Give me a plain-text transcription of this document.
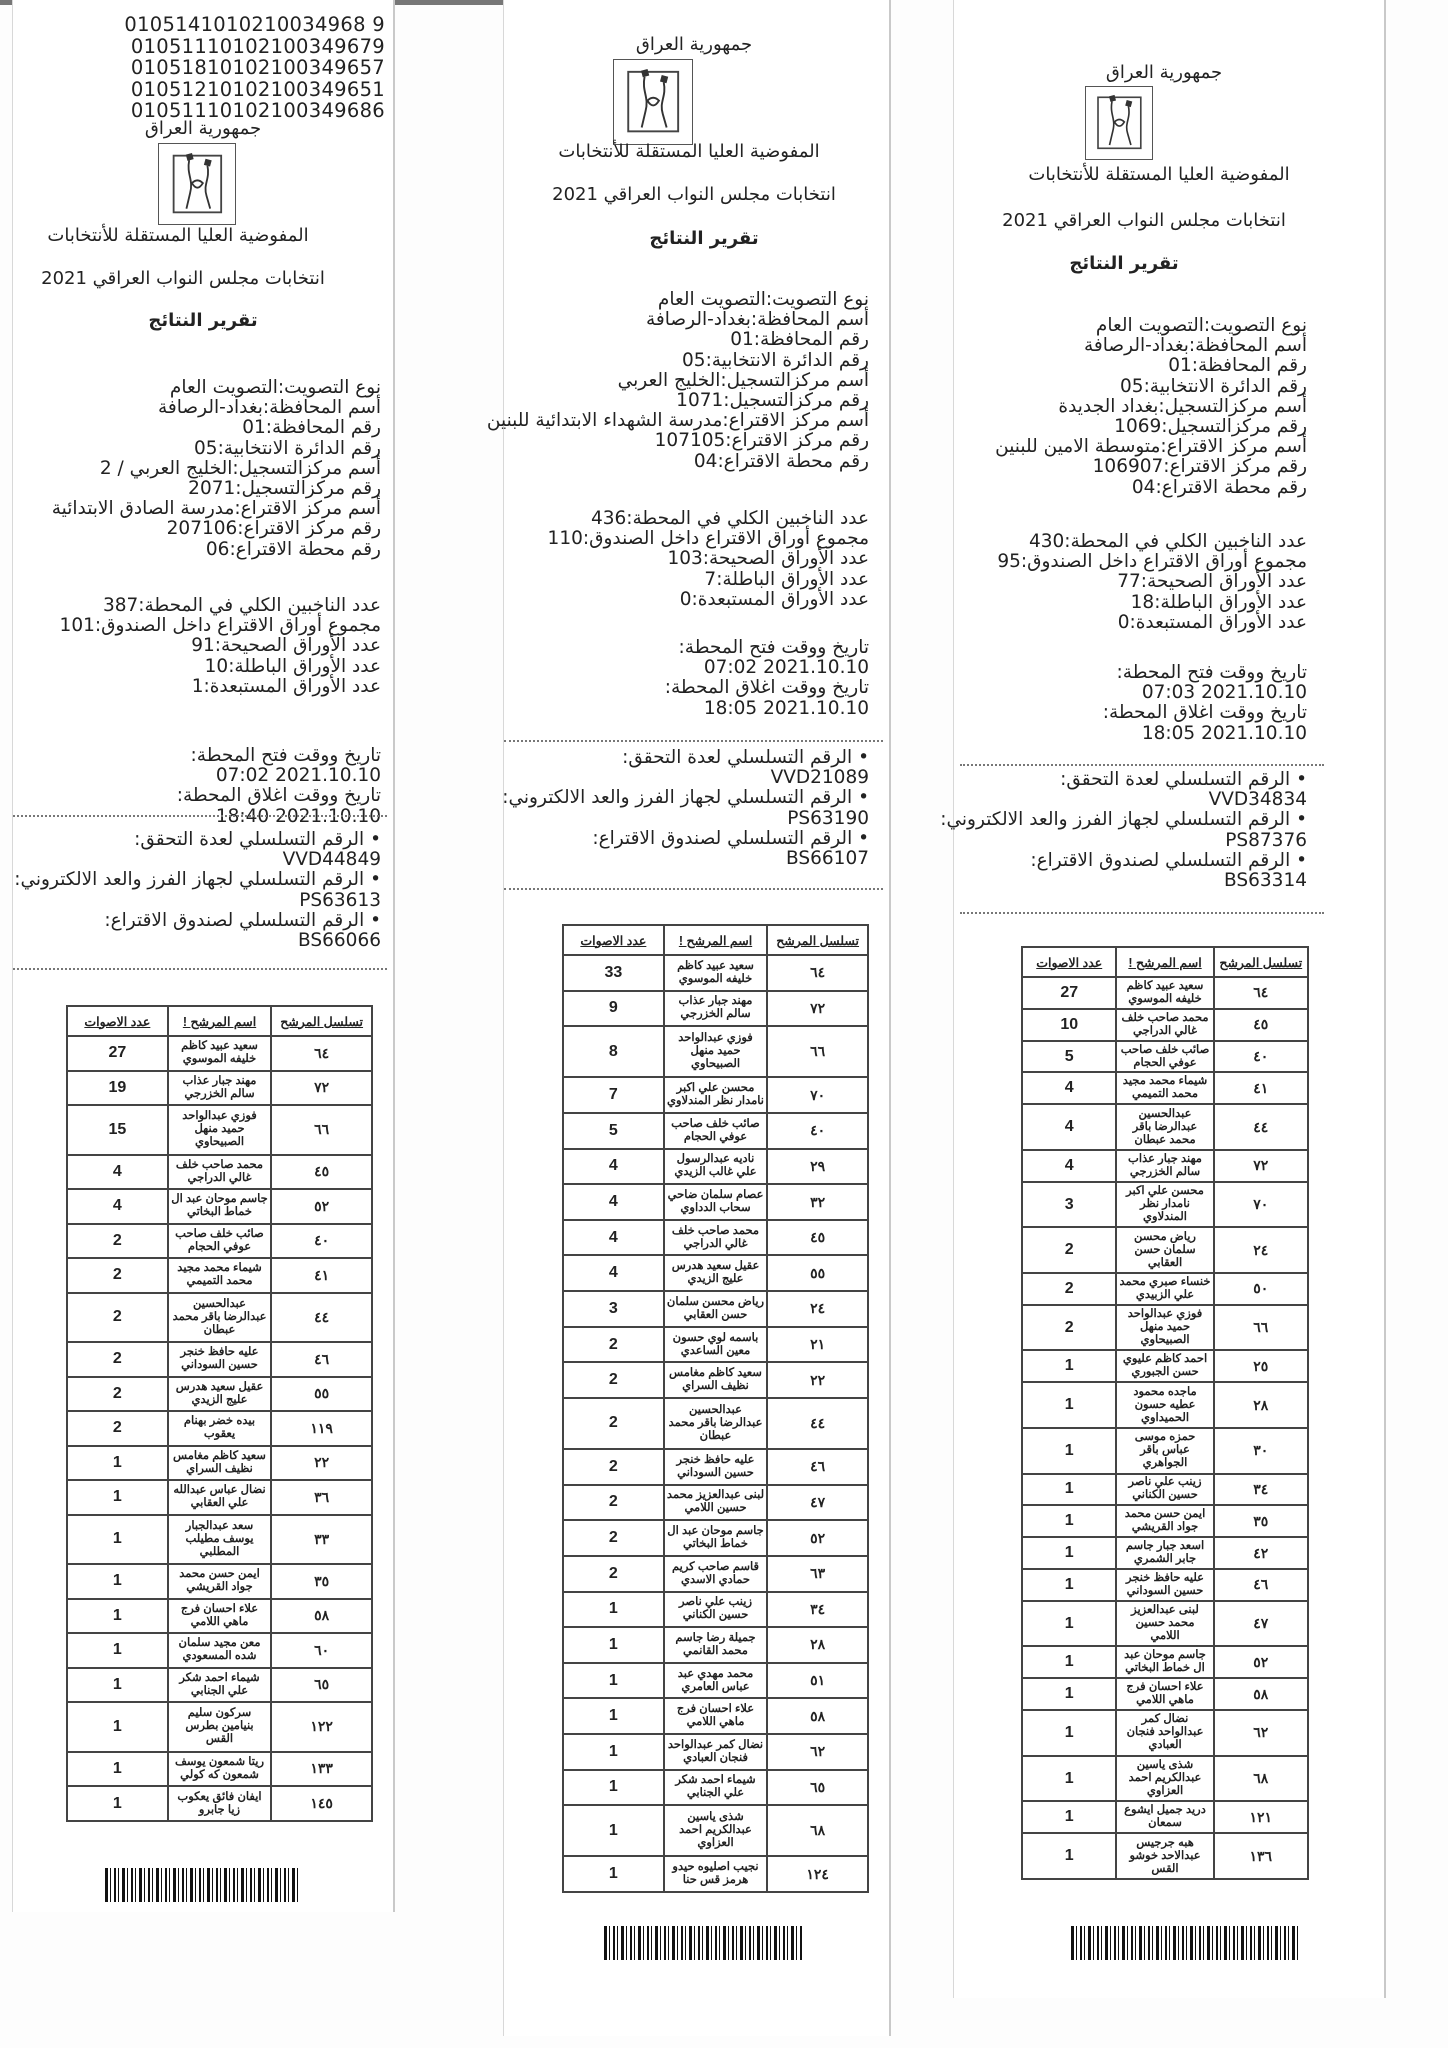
0105141010210034968 9
01051110102100349679
01051810102100349657
01051210102100349651
01051110102100349686
جمهورية العراق
المفوضية العليا المستقلة للأنتخابات
انتخابات مجلس النواب العراقي 2021
تقرير النتائج
نوع التصويت:التصويت العام
أسم المحافظة:بغداد-الرصافة
رقم المحافظة:01
رقم الدائرة الانتخابية:05
أسم مركزالتسجيل:الخليج العربي / 2
رقم مركزالتسجيل:2071
أسم مركز الاقتراع:مدرسة الصادق الابتدائية
رقم مركز الاقتراع:207106
رقم محطة الاقتراع:06
عدد الناخبين الكلي في المحطة:387
مجموع أوراق الاقتراع داخل الصندوق:101
عدد الأوراق الصحيحة:91
عدد الأوراق الباطلة:10
عدد الأوراق المستبعدة:1
تاريخ ووقت فتح المحطة:
2021.10.10 07:02
تاريخ ووقت اغلاق المحطة:
2021.10.10 18:40
• الرقم التسلسلي لعدة التحقق:
VVD44849
• الرقم التسلسلي لجهاز الفرز والعد الالكتروني:
PS63613
• الرقم التسلسلي لصندوق الاقتراع:
BS66066
تسلسل المرشح	اسم المرشح !	عدد الاصوات
٦٤	سعيد عبيد كاظم خليفه الموسوي	27
٧٢	مهند جبار عذاب سالم الخزرجي	19
٦٦	فوزي عبدالواحد حميد منهل الصبيحاوي	15
٤٥	محمد صاحب خلف غالي الدراجي	4
٥٢	جاسم موحان عبد ال خماط البخاتي	4
٤٠	صائب خلف صاحب عوفي الحجام	2
٤١	شيماء محمد مجيد محمد التميمي	2
٤٤	عبدالحسين عبدالرضا باقر محمد عبطان	2
٤٦	عليه حافظ خنجر حسين السوداني	2
٥٥	عقيل سعيد هدرس عليج الزيدي	2
١١٩	بيده خضر بهنام يعقوب	2
٢٢	سعيد كاظم مغامس نظيف السراي	1
٣٦	نضال عباس عبدالله علي العقابي	1
٣٣	سعد عبدالجبار يوسف مطيلب المطلبي	1
٣٥	ايمن حسن محمد جواد القريشي	1
٥٨	علاء احسان فرج ماهي اللامي	1
٦٠	معن مجيد سلمان شده المسعودي	1
٦٥	شيماء احمد شكر علي الجنابي	1
١٢٢	سركون سليم بنيامين بطرس القس	1
١٣٣	ريتا شمعون يوسف شمعون كه كولي	1
١٤٥	ايفان فائق يعكوب زيا جابرو	1
جمهورية العراق
المفوضية العليا المستقلة للأنتخابات
انتخابات مجلس النواب العراقي 2021
تقرير النتائج
نوع التصويت:التصويت العام
أسم المحافظة:بغداد-الرصافة
رقم المحافظة:01
رقم الدائرة الانتخابية:05
أسم مركزالتسجيل:الخليج العربي
رقم مركزالتسجيل:1071
أسم مركز الاقتراع:مدرسة الشهداء الابتدائية للبنين
رقم مركز الاقتراع:107105
رقم محطة الاقتراع:04
عدد الناخبين الكلي في المحطة:436
مجموع أوراق الاقتراع داخل الصندوق:110
عدد الأوراق الصحيحة:103
عدد الأوراق الباطلة:7
عدد الأوراق المستبعدة:0
تاريخ ووقت فتح المحطة:
2021.10.10 07:02
تاريخ ووقت اغلاق المحطة:
2021.10.10 18:05
• الرقم التسلسلي لعدة التحقق:
VVD21089
• الرقم التسلسلي لجهاز الفرز والعد الالكتروني:
PS63190
• الرقم التسلسلي لصندوق الاقتراع:
BS66107
تسلسل المرشح	اسم المرشح !	عدد الاصوات
٦٤	سعيد عبيد كاظم خليفه الموسوي	33
٧٢	مهند جبار عذاب سالم الخزرجي	9
٦٦	فوزي عبدالواحد حميد منهل الصبيحاوي	8
٧٠	محسن علي اكبر نامدار نظر المندلاوي	7
٤٠	صائب خلف صاحب عوفي الحجام	5
٢٩	ناديه عبدالرسول علي غالب الزيدي	4
٣٢	عصام سلمان ضاحي سحاب الدداوي	4
٤٥	محمد صاحب خلف غالي الدراجي	4
٥٥	عقيل سعيد هدرس عليج الزيدي	4
٢٤	رياض محسن سلمان حسن العقابي	3
٢١	باسمه لوي حسون معين الساعدي	2
٢٢	سعيد كاظم مغامس نظيف السراي	2
٤٤	عبدالحسين عبدالرضا باقر محمد عبطان	2
٤٦	عليه حافظ خنجر حسين السوداني	2
٤٧	لبنى عبدالعزيز محمد حسين اللامي	2
٥٢	جاسم موحان عبد ال خماط البخاتي	2
٦٣	قاسم صاحب كريم حمادي الاسدي	2
٣٤	زينب علي ناصر حسين الكناني	1
٢٨	جميلة رضا جاسم محمد القانمي	1
٥١	محمد مهدي عبد عباس العامري	1
٥٨	علاء احسان فرج ماهي اللامي	1
٦٢	نضال كمر عبدالواحد فنجان العبادي	1
٦٥	شيماء احمد شكر علي الجنابي	1
٦٨	شذى ياسين عبدالكريم احمد العزاوي	1
١٢٤	نجيب اصليوه حيدو هرمز قس حنا	1
جمهورية العراق
المفوضية العليا المستقلة للأنتخابات
انتخابات مجلس النواب العراقي 2021
تقرير النتائج
نوع التصويت:التصويت العام
أسم المحافظة:بغداد-الرصافة
رقم المحافظة:01
رقم الدائرة الانتخابية:05
أسم مركزالتسجيل:بغداد الجديدة
رقم مركزالتسجيل:1069
أسم مركز الاقتراع:متوسطة الامين للبنين
رقم مركز الاقتراع:106907
رقم محطة الاقتراع:04
عدد الناخبين الكلي في المحطة:430
مجموع أوراق الاقتراع داخل الصندوق:95
عدد الأوراق الصحيحة:77
عدد الأوراق الباطلة:18
عدد الأوراق المستبعدة:0
تاريخ ووقت فتح المحطة:
2021.10.10 07:03
تاريخ ووقت اغلاق المحطة:
2021.10.10 18:05
• الرقم التسلسلي لعدة التحقق:
VVD34834
• الرقم التسلسلي لجهاز الفرز والعد الالكتروني:
PS87376
• الرقم التسلسلي لصندوق الاقتراع:
BS63314
تسلسل المرشح	اسم المرشح !	عدد الاصوات
٦٤	سعيد عبيد كاظم خليفه الموسوي	27
٤٥	محمد صاحب خلف غالي الدراجي	10
٤٠	صائب خلف صاحب عوفي الحجام	5
٤١	شيماء محمد مجيد محمد التميمي	4
٤٤	عبدالحسين عبدالرضا باقر محمد عبطان	4
٧٢	مهند جبار عذاب سالم الخزرجي	4
٧٠	محسن علي اكبر نامدار نظر المندلاوي	3
٢٤	رياض محسن سلمان حسن العقابي	2
٥٠	خنساء صبري محمد علي الزبيدي	2
٦٦	فوزي عبدالواحد حميد منهل الصبيحاوي	2
٢٥	احمد كاظم عليوي حسن الجبوري	1
٢٨	ماجده محمود عطيه حسون الحميداوي	1
٣٠	حمزه موسى عباس باقر الجواهري	1
٣٤	زينب علي ناصر حسين الكناني	1
٣٥	ايمن حسن محمد جواد القريشي	1
٤٢	اسعد جبار جاسم جابر الشمري	1
٤٦	عليه حافظ خنجر حسين السوداني	1
٤٧	لبنى عبدالعزيز محمد حسين اللامي	1
٥٢	جاسم موحان عبد ال خماط البخاتي	1
٥٨	علاء احسان فرج ماهي اللامي	1
٦٢	نضال كمر عبدالواحد فنجان العبادي	1
٦٨	شذى ياسين عبدالكريم احمد العزاوي	1
١٢١	دريد جميل ايشوع سمعان	1
١٣٦	هبه جرجيس عبدالاحد خوشو القس	1
